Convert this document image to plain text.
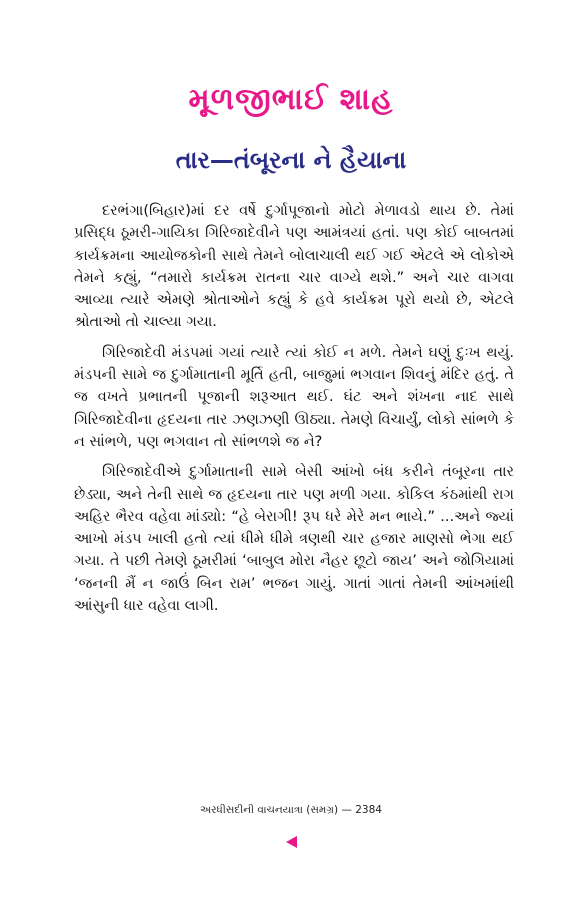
મૂળજીભાઈ શાહ
તાર—તંબૂરના ને હૈયાના

દરભંગા(બિહાર)માં દર વર્ષે દુર્ગાપૂજાનો મોટો મેળાવડો થાય છે. તેમાં પ્રસિદ્ધ ઠૂમરી-ગાયિકા ગિરિજાદેવીને પણ આમંત્રયાં હતાં. પણ કોઈ બાબતમાં કાર્યક્રમના આયોજકોની સાથે તેમને બોલાચાલી થઈ ગઈ એટલે એ લોકોએ તેમને કહ્યું, “તમારો કાર્યક્રમ રાતના ચાર વાગ્યે થશે.” અને ચાર વાગવા આવ્યા ત્યારે એમણે શ્રોતાઓને કહ્યું કે હવે કાર્યક્રમ પૂરો થયો છે, એટલે શ્રોતાઓ તો ચાલ્યા ગયા.

ગિરિજાદેવી મંડપમાં ગયાં ત્યારે ત્યાં કોઈ ન મળે. તેમને ઘણું દુઃખ થયું. મંડપની સામે જ દુર્ગામાતાની મૂર્તિ હતી, બાજુમાં ભગવાન શિવનું મંદિર હતું. તે જ વખતે પ્રભાતની પૂજાની શરૂઆત થઈ. ઘંટ અને શંખના નાદ સાથે ગિરિજાદેવીના હૃદયના તાર ઝણઝણી ઊઠ્યા. તેમણે વિચાર્યું, લોકો સાંભળે કે ન સાંભળે, પણ ભગવાન તો સાંભળશે જ ને?

ગિરિજાદેવીએ દુર્ગામાતાની સામે બેસી આંખો બંધ કરીને તંબૂરના તાર છેડ્યા, અને તેની સાથે જ હૃદયના તાર પણ મળી ગયા. કોકિલ કંઠમાંથી રાગ અહિર ભૈરવ વહેવા માંડ્યો: “હે બેરાગી! રૂપ ધરે મેરે મન ભાયે.” ...અને જ્યાં આખો મંડપ ખાલી હતો ત્યાં ધીમે ધીમે ત્રણથી ચાર હજાર માણસો ભેગા થઈ ગયા. તે પછી તેમણે ઠૂમરીમાં ‘બાબુલ મોરા નૈહર છૂટો જાય’ અને જોગિયામાં ‘જનની મૈં ન જાઉં બિન રામ’ ભજન ગાયું. ગાતાં ગાતાં તેમની આંખમાંથી આંસુની ધાર વહેવા લાગી.

અરધીસદીની વાચનયાત્રા (સમગ્ર) — 2384
